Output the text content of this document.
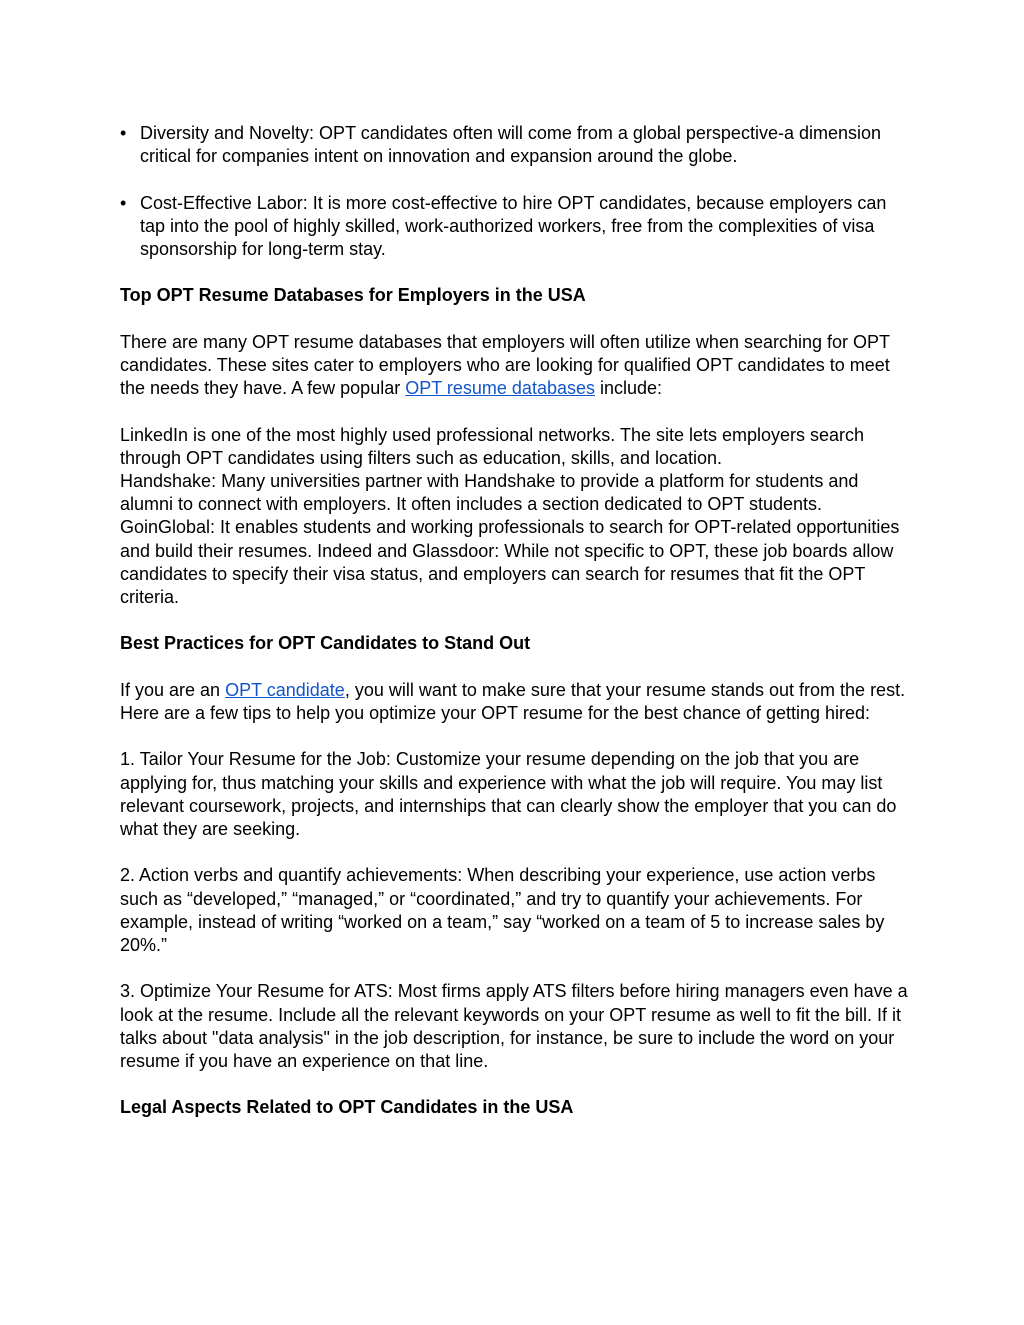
• Diversity and Novelty: OPT candidates often will come from a global perspective-a dimension critical for companies intent on innovation and expansion around the globe.
• Cost-Effective Labor: It is more cost-effective to hire OPT candidates, because employers can tap into the pool of highly skilled, work-authorized workers, free from the complexities of visa sponsorship for long-term stay.
Top OPT Resume Databases for Employers in the USA

There are many OPT resume databases that employers will often utilize when searching for OPT candidates. These sites cater to employers who are looking for qualified OPT candidates to meet the needs they have. A few popular OPT resume databases include:

LinkedIn is one of the most highly used professional networks. The site lets employers search through OPT candidates using filters such as education, skills, and location.
Handshake: Many universities partner with Handshake to provide a platform for students and alumni to connect with employers. It often includes a section dedicated to OPT students.
GoinGlobal: It enables students and working professionals to search for OPT-related opportunities and build their resumes. Indeed and Glassdoor: While not specific to OPT, these job boards allow candidates to specify their visa status, and employers can search for resumes that fit the OPT criteria.

Best Practices for OPT Candidates to Stand Out

If you are an OPT candidate, you will want to make sure that your resume stands out from the rest. Here are a few tips to help you optimize your OPT resume for the best chance of getting hired:

1. Tailor Your Resume for the Job: Customize your resume depending on the job that you are applying for, thus matching your skills and experience with what the job will require. You may list relevant coursework, projects, and internships that can clearly show the employer that you can do what they are seeking.

2. Action verbs and quantify achievements: When describing your experience, use action verbs such as “developed,” “managed,” or “coordinated,” and try to quantify your achievements. For example, instead of writing “worked on a team,” say “worked on a team of 5 to increase sales by 20%.”

3. Optimize Your Resume for ATS: Most firms apply ATS filters before hiring managers even have a look at the resume. Include all the relevant keywords on your OPT resume as well to fit the bill. If it talks about "data analysis" in the job description, for instance, be sure to include the word on your resume if you have an experience on that line.

Legal Aspects Related to OPT Candidates in the USA
